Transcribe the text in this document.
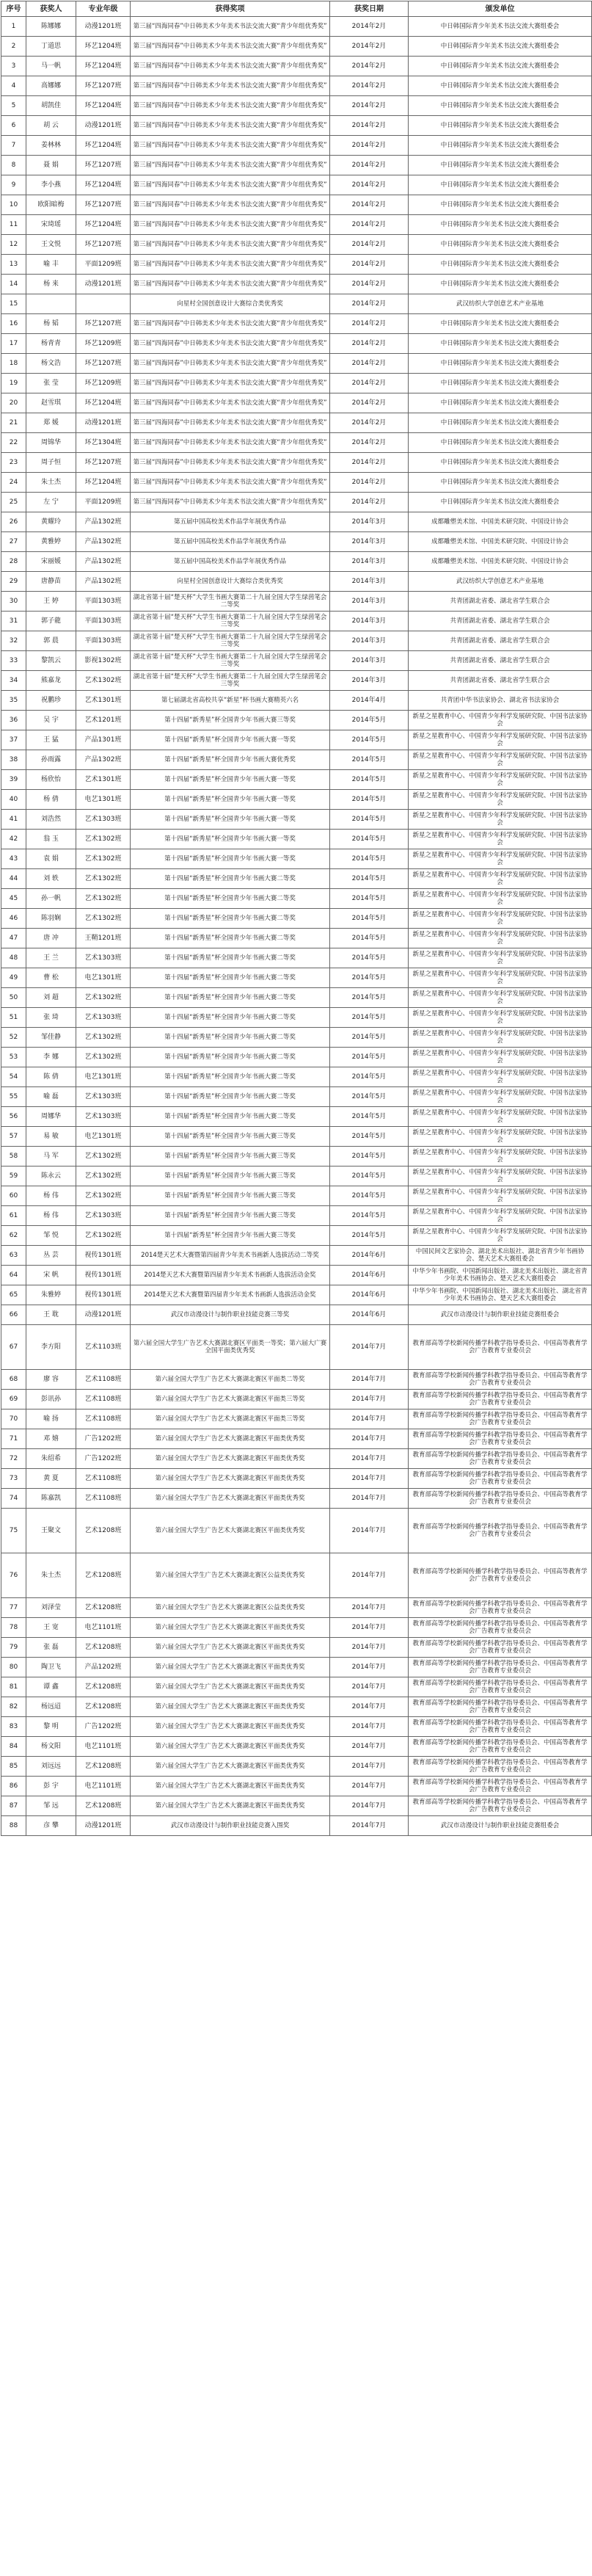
序号	获奖人	专业年级	获得奖项	获奖日期	颁发单位
1	陈娜娜	动漫1201班	第三届“四海同春”中日韩美术少年美术书法交流大赛“青少年组优秀奖”	2014年2月	中日韩国际青少年美术书法交流大赛组委会
2	丁道思	环艺1204班	第三届“四海同春”中日韩美术少年美术书法交流大赛“青少年组优秀奖”	2014年2月	中日韩国际青少年美术书法交流大赛组委会
3	马一帆	环艺1204班	第三届“四海同春”中日韩美术少年美术书法交流大赛“青少年组优秀奖”	2014年2月	中日韩国际青少年美术书法交流大赛组委会
4	高娜娜	环艺1207班	第三届“四海同春”中日韩美术少年美术书法交流大赛“青少年组优秀奖”	2014年2月	中日韩国际青少年美术书法交流大赛组委会
5	胡凯佳	环艺1204班	第三届“四海同春”中日韩美术少年美术书法交流大赛“青少年组优秀奖”	2014年2月	中日韩国际青少年美术书法交流大赛组委会
6	胡 云	动漫1201班	第三届“四海同春”中日韩美术少年美术书法交流大赛“青少年组优秀奖”	2014年2月	中日韩国际青少年美术书法交流大赛组委会
7	姜林林	环艺1204班	第三届“四海同春”中日韩美术少年美术书法交流大赛“青少年组优秀奖”	2014年2月	中日韩国际青少年美术书法交流大赛组委会
8	聂 娟	环艺1207班	第三届“四海同春”中日韩美术少年美术书法交流大赛“青少年组优秀奖”	2014年2月	中日韩国际青少年美术书法交流大赛组委会
9	李小燕	环艺1204班	第三届“四海同春”中日韩美术少年美术书法交流大赛“青少年组优秀奖”	2014年2月	中日韩国际青少年美术书法交流大赛组委会
10	欧阳暗梅	环艺1207班	第三届“四海同春”中日韩美术少年美术书法交流大赛“青少年组优秀奖”	2014年2月	中日韩国际青少年美术书法交流大赛组委会
11	宋琦瑶	环艺1204班	第三届“四海同春”中日韩美术少年美术书法交流大赛“青少年组优秀奖”	2014年2月	中日韩国际青少年美术书法交流大赛组委会
12	王文悦	环艺1207班	第三届“四海同春”中日韩美术少年美术书法交流大赛“青少年组优秀奖”	2014年2月	中日韩国际青少年美术书法交流大赛组委会
13	喻 丰	平面1209班	第三届“四海同春”中日韩美术少年美术书法交流大赛“青少年组优秀奖”	2014年2月	中日韩国际青少年美术书法交流大赛组委会
14	杨 来	动漫1201班	第三届“四海同春”中日韩美术少年美术书法交流大赛“青少年组优秀奖”	2014年2月	中日韩国际青少年美术书法交流大赛组委会
15			向星村全国创意设计大赛综合类优秀奖	2014年2月	武汉纺织大学创意艺术产业基地
16	杨 韬	环艺1207班	第三届“四海同春”中日韩美术少年美术书法交流大赛“青少年组优秀奖”	2014年2月	中日韩国际青少年美术书法交流大赛组委会
17	杨青青	环艺1209班	第三届“四海同春”中日韩美术少年美术书法交流大赛“青少年组优秀奖”	2014年2月	中日韩国际青少年美术书法交流大赛组委会
18	杨文浩	环艺1207班	第三届“四海同春”中日韩美术少年美术书法交流大赛“青少年组优秀奖”	2014年2月	中日韩国际青少年美术书法交流大赛组委会
19	张 莹	环艺1209班	第三届“四海同春”中日韩美术少年美术书法交流大赛“青少年组优秀奖”	2014年2月	中日韩国际青少年美术书法交流大赛组委会
20	赵雪琪	环艺1204班	第三届“四海同春”中日韩美术少年美术书法交流大赛“青少年组优秀奖”	2014年2月	中日韩国际青少年美术书法交流大赛组委会
21	郑 媛	动漫1201班	第三届“四海同春”中日韩美术少年美术书法交流大赛“青少年组优秀奖”	2014年2月	中日韩国际青少年美术书法交流大赛组委会
22	周锦华	环艺1304班	第三届“四海同春”中日韩美术少年美术书法交流大赛“青少年组优秀奖”	2014年2月	中日韩国际青少年美术书法交流大赛组委会
23	周子恒	环艺1207班	第三届“四海同春”中日韩美术少年美术书法交流大赛“青少年组优秀奖”	2014年2月	中日韩国际青少年美术书法交流大赛组委会
24	朱士杰	环艺1204班	第三届“四海同春”中日韩美术少年美术书法交流大赛“青少年组优秀奖”	2014年2月	中日韩国际青少年美术书法交流大赛组委会
25	左 宁	平面1209班	第三届“四海同春”中日韩美术少年美术书法交流大赛“青少年组优秀奖”	2014年2月	中日韩国际青少年美术书法交流大赛组委会
26	黄耀玲	产品1302班	第五届中国高校美术作品学年展优秀作品	2014年3月	成都雕塑美术馆、中国美术研究院、中国设计协会
27	黄雅婷	产品1302班	第五届中国高校美术作品学年展优秀作品	2014年3月	成都雕塑美术馆、中国美术研究院、中国设计协会
28	宋丽媛	产品1302班	第五届中国高校美术作品学年展优秀作品	2014年3月	成都雕塑美术馆、中国美术研究院、中国设计协会
29	唐静苗	产品1302班	向星村全国创意设计大赛综合类优秀奖	2014年3月	武汉纺织大学创意艺术产业基地
30	王 婷	平面1303班	湖北省第十届“楚天杯”大学生书画大赛第二十九届全国大学生绿茵笔会二等奖	2014年3月	共青团湖北省委、湖北省学生联合会
31	郭子龍	平面1303班	湖北省第十届“楚天杯”大学生书画大赛第二十九届全国大学生绿茵笔会三等奖	2014年3月	共青团湖北省委、湖北省学生联合会
32	郭 晨	平面1303班	湖北省第十届“楚天杯”大学生书画大赛第二十九届全国大学生绿茵笔会三等奖	2014年3月	共青团湖北省委、湖北省学生联合会
33	黎凯云	影视1302班	湖北省第十届“楚天杯”大学生书画大赛第二十九届全国大学生绿茵笔会三等奖	2014年3月	共青团湖北省委、湖北省学生联合会
34	熊嘉龙	艺术1302班	湖北省第十届“楚天杯”大学生书画大赛第二十九届全国大学生绿茵笔会三等奖	2014年3月	共青团湖北省委、湖北省学生联合会
35	祝鹏珍	艺术1301班	第七届湖北省高校共享“新星”杯书画大赛精英六名	2014年4月	共青团中华书法家协会、湖北省书法家协会
36	吴 宇	艺术1201班	第十四届“新秀星”杯全国青少年书画大赛三等奖	2014年5月	新星之星教育中心、中国青少年科学发展研究院、中国书法家协会
37	王 猛	产品1301班	第十四届“新秀星”杯全国青少年书画大赛一等奖	2014年5月	新星之星教育中心、中国青少年科学发展研究院、中国书法家协会
38	孙雨露	产品1302班	第十四届“新秀星”杯全国青少年书画大赛优秀奖	2014年5月	新星之星教育中心、中国青少年科学发展研究院、中国书法家协会
39	杨欣怡	艺术1301班	第十四届“新秀星”杯全国青少年书画大赛一等奖	2014年5月	新星之星教育中心、中国青少年科学发展研究院、中国书法家协会
40	杨 倩	电艺1301班	第十四届“新秀星”杯全国青少年书画大赛一等奖	2014年5月	新星之星教育中心、中国青少年科学发展研究院、中国书法家协会
41	刘浩然	艺术1303班	第十四届“新秀星”杯全国青少年书画大赛一等奖	2014年5月	新星之星教育中心、中国青少年科学发展研究院、中国书法家协会
42	翁 玉	艺术1302班	第十四届“新秀星”杯全国青少年书画大赛一等奖	2014年5月	新星之星教育中心、中国青少年科学发展研究院、中国书法家协会
43	袁 娟	艺术1302班	第十四届“新秀星”杯全国青少年书画大赛一等奖	2014年5月	新星之星教育中心、中国青少年科学发展研究院、中国书法家协会
44	刘 轶	艺术1302班	第十四届“新秀星”杯全国青少年书画大赛二等奖	2014年5月	新星之星教育中心、中国青少年科学发展研究院、中国书法家协会
45	孙一帆	艺术1302班	第十四届“新秀星”杯全国青少年书画大赛二等奖	2014年5月	新星之星教育中心、中国青少年科学发展研究院、中国书法家协会
46	陈羽娴	艺术1302班	第十四届“新秀星”杯全国青少年书画大赛二等奖	2014年5月	新星之星教育中心、中国青少年科学发展研究院、中国书法家协会
47	唐 冲	王鞘1201班	第十四届“新秀星”杯全国青少年书画大赛二等奖	2014年5月	新星之星教育中心、中国青少年科学发展研究院、中国书法家协会
48	王 兰	艺术1303班	第十四届“新秀星”杯全国青少年书画大赛二等奖	2014年5月	新星之星教育中心、中国青少年科学发展研究院、中国书法家协会
49	曹 松	电艺1301班	第十四届“新秀星”杯全国青少年书画大赛二等奖	2014年5月	新星之星教育中心、中国青少年科学发展研究院、中国书法家协会
50	刘 超	艺术1302班	第十四届“新秀星”杯全国青少年书画大赛二等奖	2014年5月	新星之星教育中心、中国青少年科学发展研究院、中国书法家协会
51	张 琦	艺术1303班	第十四届“新秀星”杯全国青少年书画大赛二等奖	2014年5月	新星之星教育中心、中国青少年科学发展研究院、中国书法家协会
52	邹佳静	艺术1302班	第十四届“新秀星”杯全国青少年书画大赛二等奖	2014年5月	新星之星教育中心、中国青少年科学发展研究院、中国书法家协会
53	李 娜	艺术1302班	第十四届“新秀星”杯全国青少年书画大赛二等奖	2014年5月	新星之星教育中心、中国青少年科学发展研究院、中国书法家协会
54	陈 倩	电艺1301班	第十四届“新秀星”杯全国青少年书画大赛二等奖	2014年5月	新星之星教育中心、中国青少年科学发展研究院、中国书法家协会
55	喻 磊	艺术1303班	第十四届“新秀星”杯全国青少年书画大赛二等奖	2014年5月	新星之星教育中心、中国青少年科学发展研究院、中国书法家协会
56	周娜华	艺术1303班	第十四届“新秀星”杯全国青少年书画大赛二等奖	2014年5月	新星之星教育中心、中国青少年科学发展研究院、中国书法家协会
57	易 敏	电艺1301班	第十四届“新秀星”杯全国青少年书画大赛三等奖	2014年5月	新星之星教育中心、中国青少年科学发展研究院、中国书法家协会
58	马 军	艺术1302班	第十四届“新秀星”杯全国青少年书画大赛三等奖	2014年5月	新星之星教育中心、中国青少年科学发展研究院、中国书法家协会
59	陈永云	艺术1302班	第十四届“新秀星”杯全国青少年书画大赛三等奖	2014年5月	新星之星教育中心、中国青少年科学发展研究院、中国书法家协会
60	杨 伟	艺术1302班	第十四届“新秀星”杯全国青少年书画大赛三等奖	2014年5月	新星之星教育中心、中国青少年科学发展研究院、中国书法家协会
61	杨 伟	艺术1303班	第十四届“新秀星”杯全国青少年书画大赛三等奖	2014年5月	新星之星教育中心、中国青少年科学发展研究院、中国书法家协会
62	邹 悦	艺术1302班	第十四届“新秀星”杯全国青少年书画大赛三等奖	2014年5月	新星之星教育中心、中国青少年科学发展研究院、中国书法家协会
63	丛 芸	视传1301班	2014楚天艺术大赛暨第四届青少年美术书画新人选拔活动二等奖	2014年6月	中国民间文艺家协会、湖北美术出版社、湖北省青少年书画协会、楚天艺术大赛组委会
64	宋 帆	视传1301班	2014楚天艺术大赛暨第四届青少年美术书画新人选拔活动金奖	2014年6月	中华少年书画院、中国新闻出版社、湖北美术出版社、湖北省青少年美术书画协会、楚天艺术大赛组委会
65	朱雅婷	视传1301班	2014楚天艺术大赛暨第四届青少年美术书画新人选拔活动金奖	2014年6月	中华少年书画院、中国新闻出版社、湖北美术出版社、湖北省青少年美术书画协会、楚天艺术大赛组委会
66	王 耽	动漫1201班	武汉市动漫设计与制作职业技能竞赛三等奖	2014年6月	武汉市动漫设计与制作职业技能竞赛组委会
67	李方阳	艺术1103班	第六届全国大学生广告艺术大赛湖北赛区平面类一等奖；第六届大广赛全国平面类优秀奖	2014年7月	教育部高等学校新闻传播学科教学指导委员会、中国高等教育学会广告教育专业委员会
68	廖 容	艺术1108班	第六届全国大学生广告艺术大赛湖北赛区平面类二等奖	2014年7月	教育部高等学校新闻传播学科教学指导委员会、中国高等教育学会广告教育专业委员会
69	彭讯孙	艺术1108班	第六届全国大学生广告艺术大赛湖北赛区平面类三等奖	2014年7月	教育部高等学校新闻传播学科教学指导委员会、中国高等教育学会广告教育专业委员会
70	喻 扬	艺术1108班	第六届全国大学生广告艺术大赛湖北赛区平面类三等奖	2014年7月	教育部高等学校新闻传播学科教学指导委员会、中国高等教育学会广告教育专业委员会
71	邓 嬉	广告1202班	第六届全国大学生广告艺术大赛湖北赛区平面类优秀奖	2014年7月	教育部高等学校新闻传播学科教学指导委员会、中国高等教育学会广告教育专业委员会
72	朱绍希	广告1202班	第六届全国大学生广告艺术大赛湖北赛区平面类优秀奖	2014年7月	教育部高等学校新闻传播学科教学指导委员会、中国高等教育学会广告教育专业委员会
73	黄 夏	艺术1108班	第六届全国大学生广告艺术大赛湖北赛区平面类优秀奖	2014年7月	教育部高等学校新闻传播学科教学指导委员会、中国高等教育学会广告教育专业委员会
74	陈嘉凯	艺术1108班	第六届全国大学生广告艺术大赛湖北赛区平面类优秀奖	2014年7月	教育部高等学校新闻传播学科教学指导委员会、中国高等教育学会广告教育专业委员会
75	王聚文	艺术1208班	第六届全国大学生广告艺术大赛湖北赛区平面类优秀奖	2014年7月	教育部高等学校新闻传播学科教学指导委员会、中国高等教育学会广告教育专业委员会
76	朱士杰	艺术1208班	第六届全国大学生广告艺术大赛湖北赛区公益类优秀奖	2014年7月	教育部高等学校新闻传播学科教学指导委员会、中国高等教育学会广告教育专业委员会
77	刘泽莹	艺术1208班	第六届全国大学生广告艺术大赛湖北赛区公益类优秀奖	2014年7月	教育部高等学校新闻传播学科教学指导委员会、中国高等教育学会广告教育专业委员会
78	王 宽	电艺1101班	第六届全国大学生广告艺术大赛湖北赛区平面类优秀奖	2014年7月	教育部高等学校新闻传播学科教学指导委员会、中国高等教育学会广告教育专业委员会
79	张 磊	艺术1208班	第六届全国大学生广告艺术大赛湖北赛区平面类优秀奖	2014年7月	教育部高等学校新闻传播学科教学指导委员会、中国高等教育学会广告教育专业委员会
80	陶卫飞	产品1202班	第六届全国大学生广告艺术大赛湖北赛区平面类优秀奖	2014年7月	教育部高等学校新闻传播学科教学指导委员会、中国高等教育学会广告教育专业委员会
81	谭 鑫	艺术1208班	第六届全国大学生广告艺术大赛湖北赛区平面类优秀奖	2014年7月	教育部高等学校新闻传播学科教学指导委员会、中国高等教育学会广告教育专业委员会
82	杨远迢	艺术1208班	第六届全国大学生广告艺术大赛湖北赛区平面类优秀奖	2014年7月	教育部高等学校新闻传播学科教学指导委员会、中国高等教育学会广告教育专业委员会
83	黎 明	广告1202班	第六届全国大学生广告艺术大赛湖北赛区平面类优秀奖	2014年7月	教育部高等学校新闻传播学科教学指导委员会、中国高等教育学会广告教育专业委员会
84	杨文阳	电艺1101班	第六届全国大学生广告艺术大赛湖北赛区平面类优秀奖	2014年7月	教育部高等学校新闻传播学科教学指导委员会、中国高等教育学会广告教育专业委员会
85	刘远远	艺术1208班	第六届全国大学生广告艺术大赛湖北赛区平面类优秀奖	2014年7月	教育部高等学校新闻传播学科教学指导委员会、中国高等教育学会广告教育专业委员会
86	彭 宇	电艺1101班	第六届全国大学生广告艺术大赛湖北赛区平面类优秀奖	2014年7月	教育部高等学校新闻传播学科教学指导委员会、中国高等教育学会广告教育专业委员会
87	邹 远	艺术1208班	第六届全国大学生广告艺术大赛湖北赛区平面类优秀奖	2014年7月	教育部高等学校新闻传播学科教学指导委员会、中国高等教育学会广告教育专业委员会
88	彦 攀	动漫1201班	武汉市动漫设计与制作职业技能竞赛入围奖	2014年7月	武汉市动漫设计与制作职业技能竞赛组委会
